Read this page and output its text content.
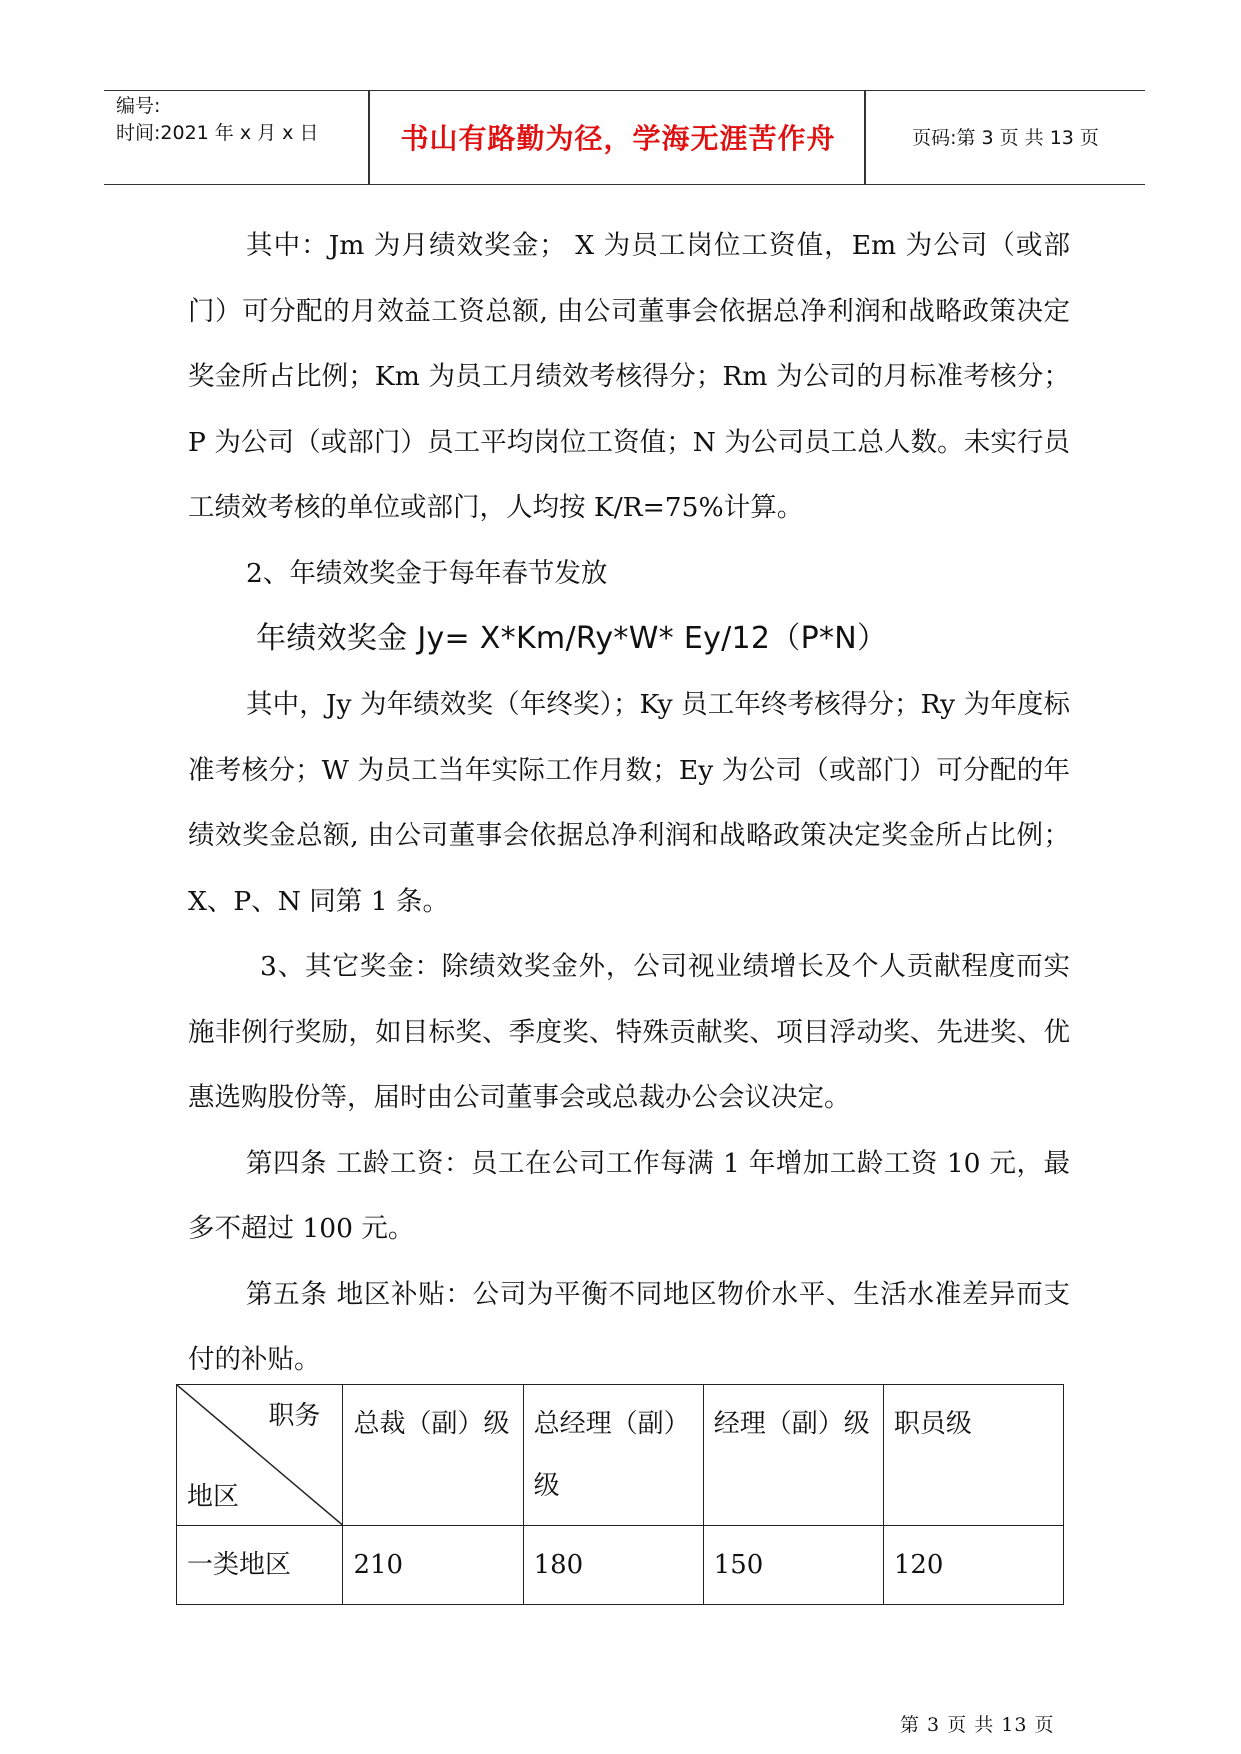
编号:
时间:2021 年 x 月 x 日	书山有路勤为径，学海无涯苦作舟	页码:第 3 页 共 13 页

其中：Jm 为月绩效奖金； X 为员工岗位工资值，Em 为公司（或部门）可分配的月效益工资总额, 由公司董事会依据总净利润和战略政策决定奖金所占比例；Km 为员工月绩效考核得分；Rm 为公司的月标准考核分；P 为公司（或部门）员工平均岗位工资值；N 为公司员工总人数。未实行员工绩效考核的单位或部门，人均按 K/R=75%计算。

2、年绩效奖金于每年春节发放

年绩效奖金 Jy= X*Km/Ry*W* Ey/12（P*N）

其中，Jy 为年绩效奖（年终奖）；Ky 员工年终考核得分；Ry 为年度标准考核分；W 为员工当年实际工作月数；Ey 为公司（或部门）可分配的年绩效奖金总额, 由公司董事会依据总净利润和战略政策决定奖金所占比例；X、P、N 同第 1 条。

3、其它奖金：除绩效奖金外，公司视业绩增长及个人贡献程度而实施非例行奖励，如目标奖、季度奖、特殊贡献奖、项目浮动奖、先进奖、优惠选购股份等，届时由公司董事会或总裁办公会议决定。

第四条 工龄工资：员工在公司工作每满 1 年增加工龄工资 10 元，最多不超过 100 元。

第五条 地区补贴：公司为平衡不同地区物价水平、生活水准差异而支付的补贴。

职务
地区	总裁（副）级	总经理（副）级	经理（副）级	职员级
一类地区	210	180	150	120
第 3 页 共 13 页
